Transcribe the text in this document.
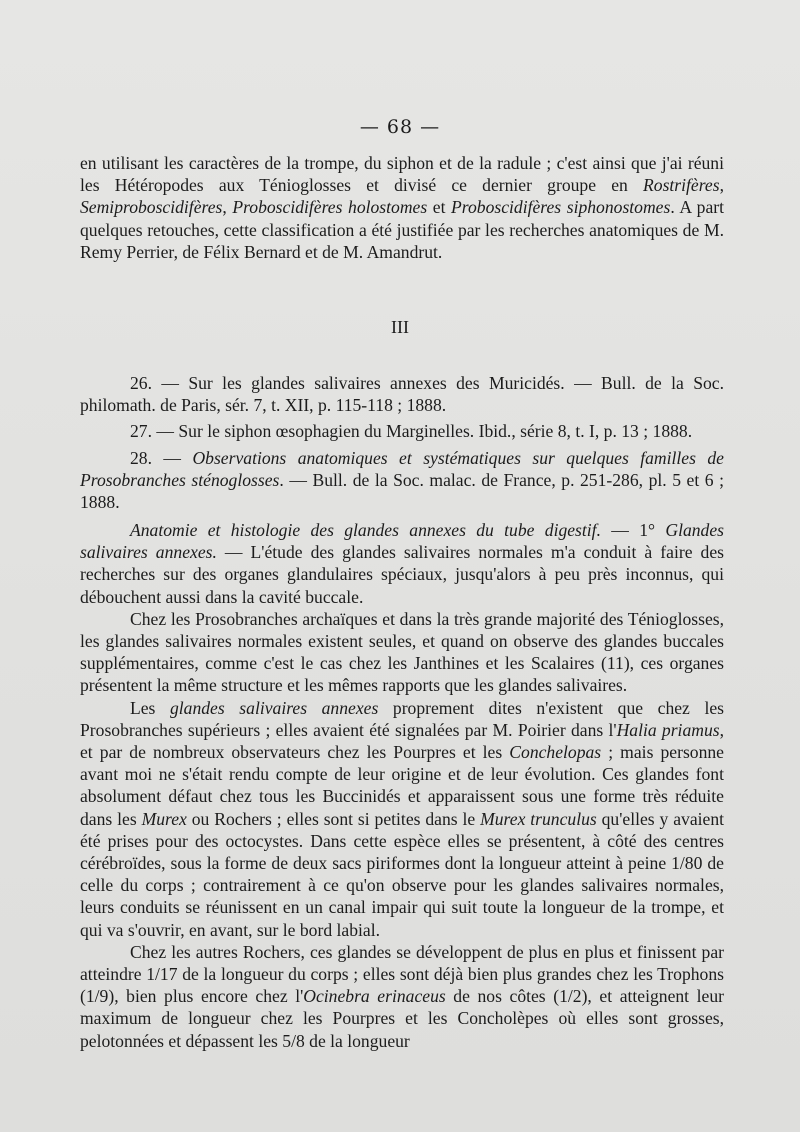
— 68 —

en utilisant les caractères de la trompe, du siphon et de la radule ; c'est ainsi que j'ai réuni les Hétéropodes aux Ténioglosses et divisé ce dernier groupe en Rostrifères, Semiproboscidifères, Proboscidifères holostomes et Proboscidifères siphonostomes. A part quelques retouches, cette classification a été justifiée par les recherches anatomiques de M. Remy Perrier, de Félix Bernard et de M. Amandrut.

III

26. — Sur les glandes salivaires annexes des Muricidés. — Bull. de la Soc. philomath. de Paris, sér. 7, t. XII, p. 115-118 ; 1888.

27. — Sur le siphon œsophagien du Marginelles. Ibid., série 8, t. I, p. 13 ; 1888.

28. — Observations anatomiques et systématiques sur quelques familles de Prosobranches sténoglosses. — Bull. de la Soc. malac. de France, p. 251-286, pl. 5 et 6 ; 1888.

Anatomie et histologie des glandes annexes du tube digestif. — 1° Glandes salivaires annexes. — L'étude des glandes salivaires normales m'a conduit à faire des recherches sur des organes glandulaires spéciaux, jusqu'alors à peu près inconnus, qui débouchent aussi dans la cavité buccale.

Chez les Prosobranches archaïques et dans la très grande majorité des Ténioglosses, les glandes salivaires normales existent seules, et quand on observe des glandes buccales supplémentaires, comme c'est le cas chez les Janthines et les Scalaires (11), ces organes présentent la même structure et les mêmes rapports que les glandes salivaires.

Les glandes salivaires annexes proprement dites n'existent que chez les Prosobranches supérieurs ; elles avaient été signalées par M. Poirier dans l'Halia priamus, et par de nombreux observateurs chez les Pourpres et les Conchelopas ; mais personne avant moi ne s'était rendu compte de leur origine et de leur évolution. Ces glandes font absolument défaut chez tous les Buccinidés et apparaissent sous une forme très réduite dans les Murex ou Rochers ; elles sont si petites dans le Murex trunculus qu'elles y avaient été prises pour des octocystes. Dans cette espèce elles se présentent, à côté des centres cérébroïdes, sous la forme de deux sacs piriformes dont la longueur atteint à peine 1/80 de celle du corps ; contrairement à ce qu'on observe pour les glandes salivaires normales, leurs conduits se réunissent en un canal impair qui suit toute la longueur de la trompe, et qui va s'ouvrir, en avant, sur le bord labial.

Chez les autres Rochers, ces glandes se développent de plus en plus et finissent par atteindre 1/17 de la longueur du corps ; elles sont déjà bien plus grandes chez les Trophons (1/9), bien plus encore chez l'Ocinebra erinaceus de nos côtes (1/2), et atteignent leur maximum de longueur chez les Pourpres et les Concholèpes où elles sont grosses, pelotonnées et dépassent les 5/8 de la longueur
